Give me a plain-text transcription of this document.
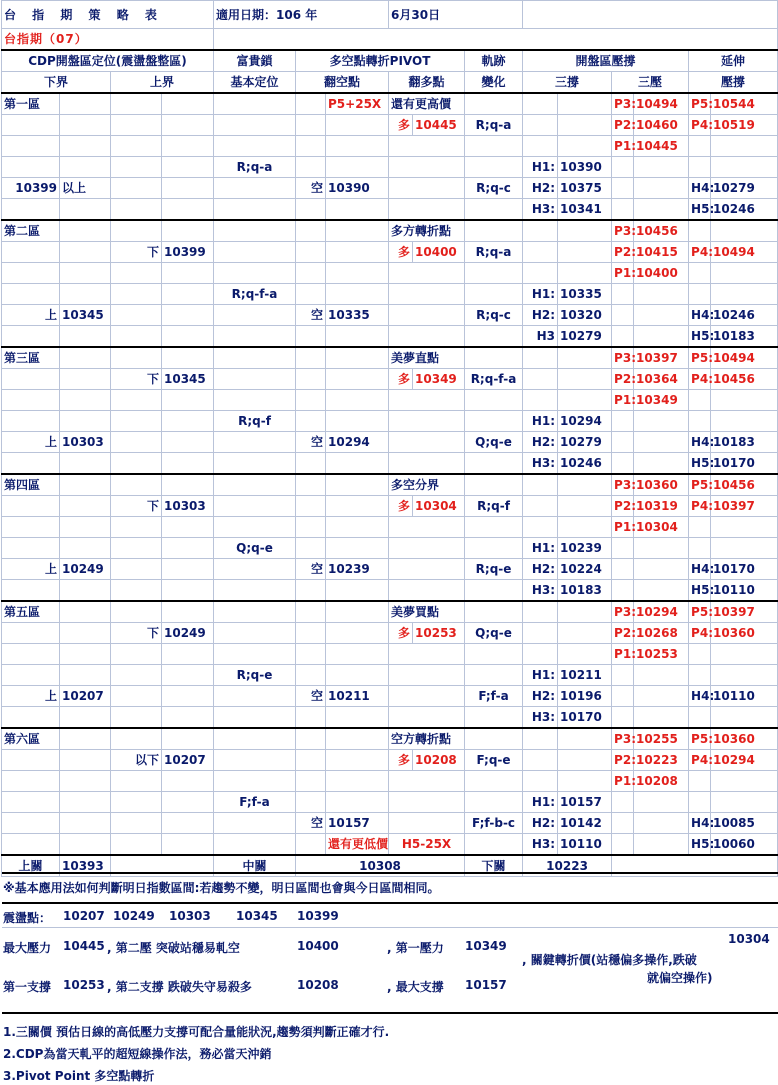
台 指 期 策 略 表				適用日期：106 年			6月30日								
台指期（07）															
CDP開盤區定位(震盪盤整區)				富貴鎖	多空點轉折PIVOT				軌跡	開盤區壓撐				延伸	
下界		上界		基本定位	翻空點		翻多點		變化	三撐		三壓		壓撐	
第一區						P5+25X	還有更高價					P3:	10494	P5:	10544
							多	10445	R;q-a			P2:	10460	P4:	10519
												P1:	10445		
				R;q-a						H1:	10390				
10399	以上				空	10390			R;q-c	H2:	10375			H4:	10279
										H3:	10341			H5:	10246
第二區							多方轉折點					P3:	10456		
		下	10399				多	10400	R;q-a			P2:	10415	P4:	10494
												P1:	10400		
				R;q-f-a						H1:	10335				
上	10345				空	10335			R;q-c	H2:	10320			H4:	10246
										H3	10279			H5:	10183
第三區							美夢直點					P3:	10397	P5:	10494
		下	10345				多	10349	R;q-f-a			P2:	10364	P4:	10456
												P1:	10349		
				R;q-f						H1:	10294				
上	10303				空	10294			Q;q-e	H2:	10279			H4:	10183
										H3:	10246			H5:	10170
第四區							多空分界					P3:	10360	P5:	10456
		下	10303				多	10304	R;q-f			P2:	10319	P4:	10397
												P1:	10304		
				Q;q-e						H1:	10239				
上	10249				空	10239			R;q-e	H2:	10224			H4:	10170
										H3:	10183			H5:	10110
第五區							美夢買點					P3:	10294	P5:	10397
		下	10249				多	10253	Q;q-e			P2:	10268	P4:	10360
												P1:	10253		
				R;q-e						H1:	10211				
上	10207				空	10211			F;f-a	H2:	10196			H4:	10110
										H3:	10170				
第六區							空方轉折點					P3:	10255	P5:	10360
		以下	10207				多	10208	F;q-e			P2:	10223	P4:	10294
												P1:	10208		
				F;f-a						H1:	10157				
					空	10157			F;f-b-c	H2:	10142			H4:	10085
						還有更低價	H5-25X			H3:	10110			H5:	10060
上關	10393			中關	10308				下關	10223					
※基本應用法如何判斷明日指數區間:若趨勢不變，明日區間也會與今日區間相同。
震盪點： 10207 10249 10303 10345 10399
最大壓力 10445 , 第二壓 突破站穩易軋空	10400	, 第一壓力 10349	10304
, 關鍵轉折價(站穩偏多操作,跌破
就偏空操作)
第一支撐 10253 , 第二支撐 跌破失守易殺多	10208	, 最大支撐 10157
1.三關價 預估日線的高低壓力支撐可配合量能狀況,趨勢須判斷正確才行.
2.CDP為當天軋平的超短線操作法，務必當天沖銷
3.Pivot Point 多空點轉折
